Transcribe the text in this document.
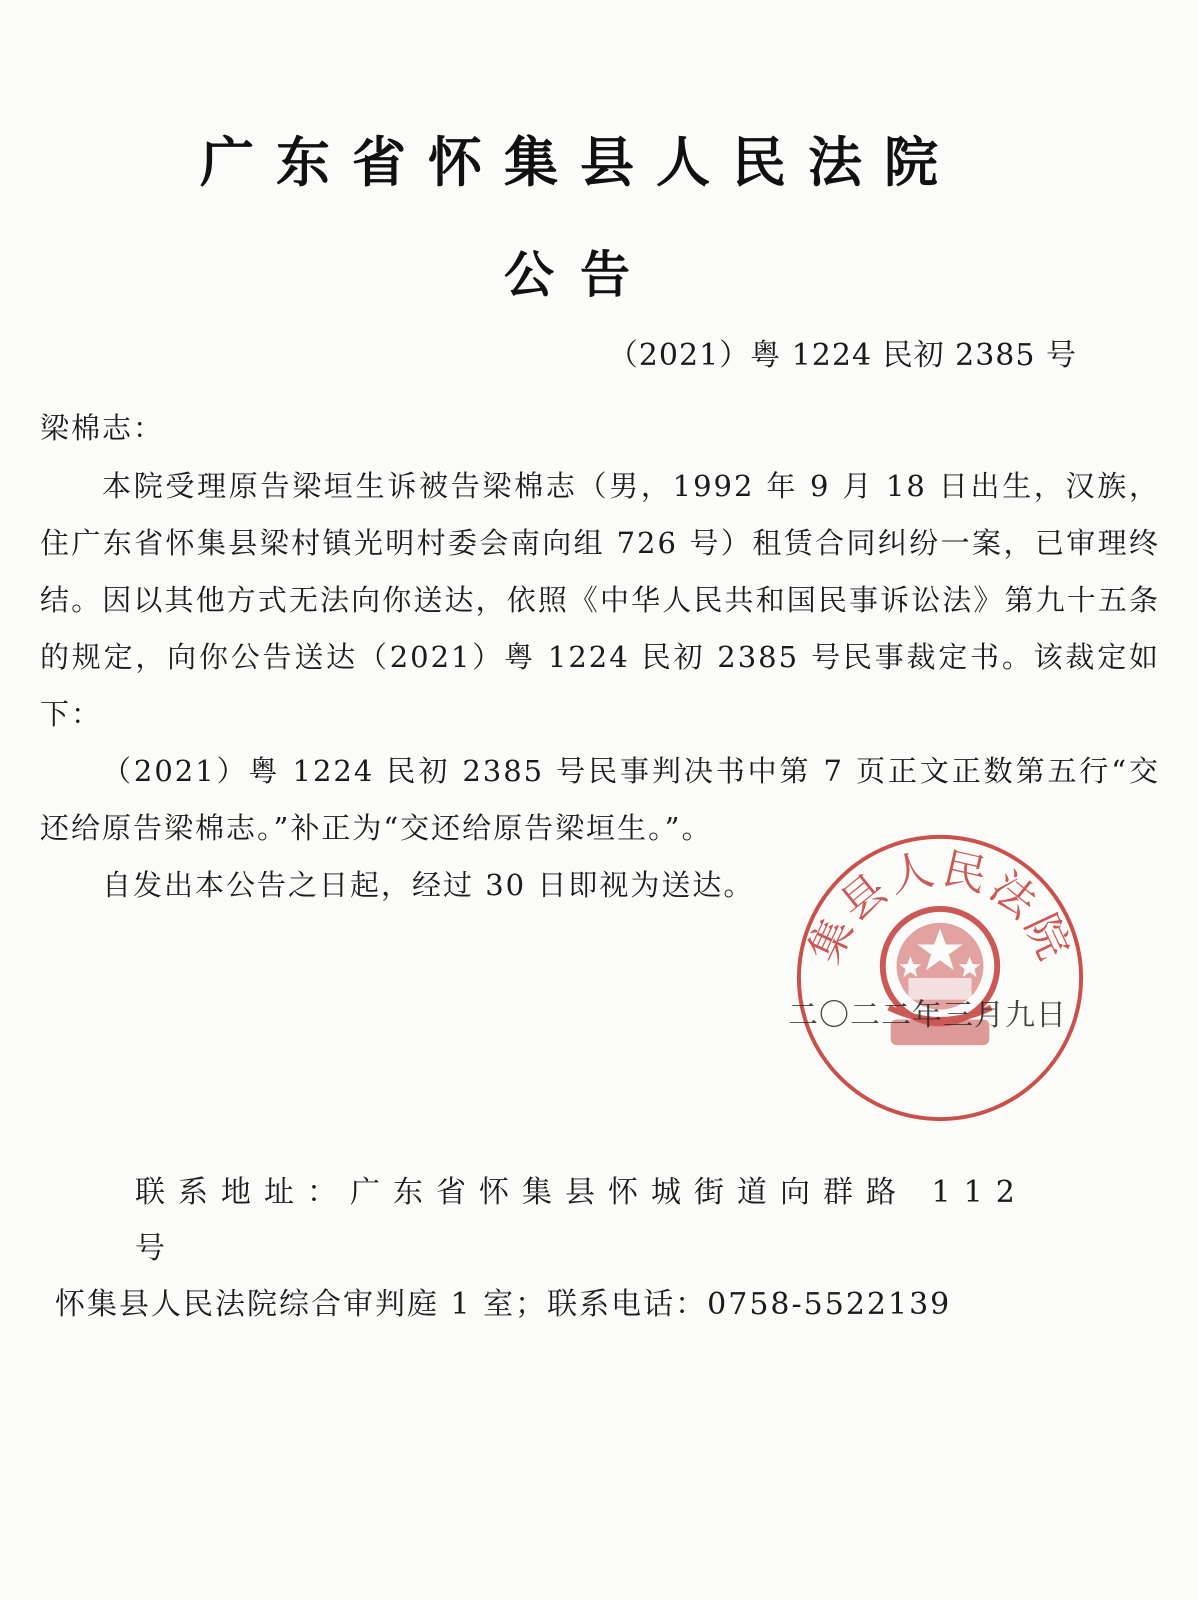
广东省怀集县人民法院
公告
（2021）粤 1224 民初 2385 号

梁棉志：

本院受理原告梁垣生诉被告梁棉志（男，1992 年 9 月 18 日出生，汉族，住广东省怀集县梁村镇光明村委会南向组 726 号）租赁合同纠纷一案，已审理终结。因以其他方式无法向你送达，依照《中华人民共和国民事诉讼法》第九十五条的规定，向你公告送达（2021）粤 1224 民初 2385 号民事裁定书。该裁定如下：

（2021）粤 1224 民初 2385 号民事判决书中第 7 页正文正数第五行“交还给原告梁棉志。”补正为“交还给原告梁垣生。”。

自发出本公告之日起，经过 30 日即视为送达。

集县人民法院
二〇二二年三月九日
联系地址：广东省怀集县怀城街道向群路 112 号
怀集县人民法院综合审判庭 1 室；联系电话：0758-5522139
